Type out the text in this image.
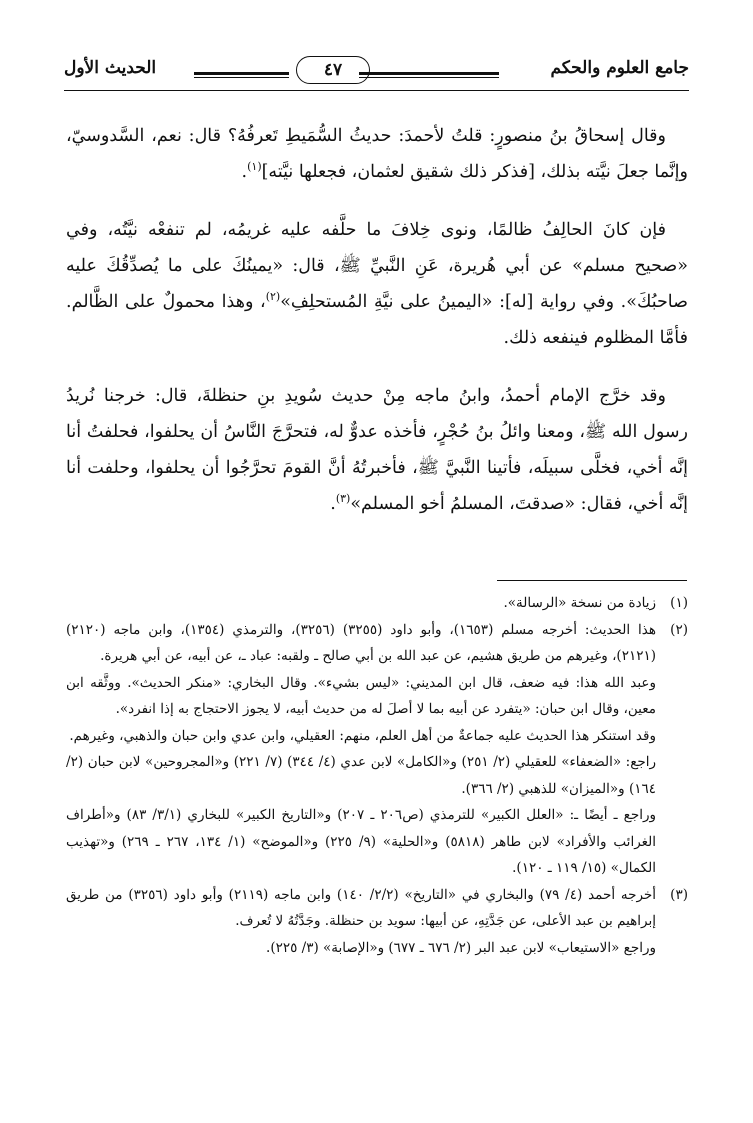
جامع العلوم والحكم
٤٧
الحديث الأول

وقال إسحاقُ بنُ منصورٍ: قلتُ لأحمدَ: حديثُ السُّمَيطِ تَعرفُهُ؟ قال: نعم، السَّدوسيّ، وإنَّما جعلَ نيَّته بذلك، [فذكر ذلك شقيق لعثمان، فجعلها نيَّته]$^{(١)}$.

فإن كانَ الحالِفُ ظالمًا، ونوى خِلافَ ما حلَّفه عليه غريمُه، لم تنفعْه نيَّتُه، وفي «صحيح مسلم» عن أبي هُريرة، عَنِ النَّبيِّ ﷺ، قال: «يمينُكَ على ما يُصدِّقُكَ عليه صاحبُكَ». وفي رواية [له]: «اليمينُ على نيَّةِ المُستحلِفِ»$^{(٢)}$، وهذا محمولٌ على الظَّالم. فأمَّا المظلوم فينفعه ذلك.

وقد خرَّج الإمام أحمدُ، وابنُ ماجه مِنْ حديث سُويدِ بنِ حنظلةَ، قال: خرجنا نُريدُ رسول الله ﷺ، ومعنا وائلُ بنُ حُجْرٍ، فأخذه عدوٌّ له، فتحرَّجَ النَّاسُ أن يحلفوا، فحلفتُ أنا إنَّه أخي، فخلَّى سبيلَه، فأتينا النَّبيَّ ﷺ، فأخبرتُهُ أنَّ القومَ تحرَّجُوا أن يحلفوا، وحلفت أنا إنَّه أخي، فقال: «صدقتَ، المسلمُ أخو المسلم»$^{(٣)}$.

(١)
زيادة من نسخة «الرسالة».
(٢)
هذا الحديث: أخرجه مسلم (١٦٥٣)، وأبو داود (٣٢٥٥) (٣٢٥٦)، والترمذي (١٣٥٤)، وابن ماجه (٢١٢٠) (٢١٢١)، وغيرهم من طريق هشيم، عن عبد الله بن أبي صالح ـ ولقبه: عباد ـ، عن أبيه، عن أبي هريرة.
وعبد الله هذا: فيه ضعف، قال ابن المديني: «ليس بشيء». وقال البخاري: «منكر الحديث». ووثَّقه ابن معين، وقال ابن حبان: «يتفرد عن أبيه بما لا أصلَ له من حديث أبيه، لا يجوز الاحتجاج به إذا انفرد».
وقد استنكر هذا الحديث عليه جماعةٌ من أهل العلم، منهم: العقيلي، وابن عدي وابن حبان والذهبي، وغيرهم.
راجع: «الضعفاء» للعقيلي (٢/ ٢٥١) و«الكامل» لابن عدي (٤/ ٣٤٤) (٧/ ٢٢١) و«المجروحين» لابن حبان (٢/ ١٦٤) و«الميزان» للذهبي (٢/ ٣٦٦).
وراجع ـ أيضًا ـ: «العلل الكبير» للترمذي (ص٢٠٦ ـ ٢٠٧) و«التاريخ الكبير» للبخاري (٣/١/ ٨٣) و«أطراف الغرائب والأفراد» لابن طاهر (٥٨١٨) و«الحلية» (٩/ ٢٢٥) و«الموضح» (١/ ١٣٤، ٢٦٧ ـ ٢٦٩) و«تهذيب الكمال» (١٥/ ١١٩ ـ ١٢٠).
(٣)
أخرجه أحمد (٤/ ٧٩) والبخاري في «التاريخ» (٢/٢/ ١٤٠) وابن ماجه (٢١١٩) وأبو داود (٣٢٥٦) من طريق إبراهيم بن عبد الأعلى، عن جَدَّتِهِ، عن أبيها: سويد بن حنظلة. وجَدَّتُهُ لا تُعرف.
وراجع «الاستيعاب» لابن عبد البر (٢/ ٦٧٦ ـ ٦٧٧) و«الإصابة» (٣/ ٢٢٥).
